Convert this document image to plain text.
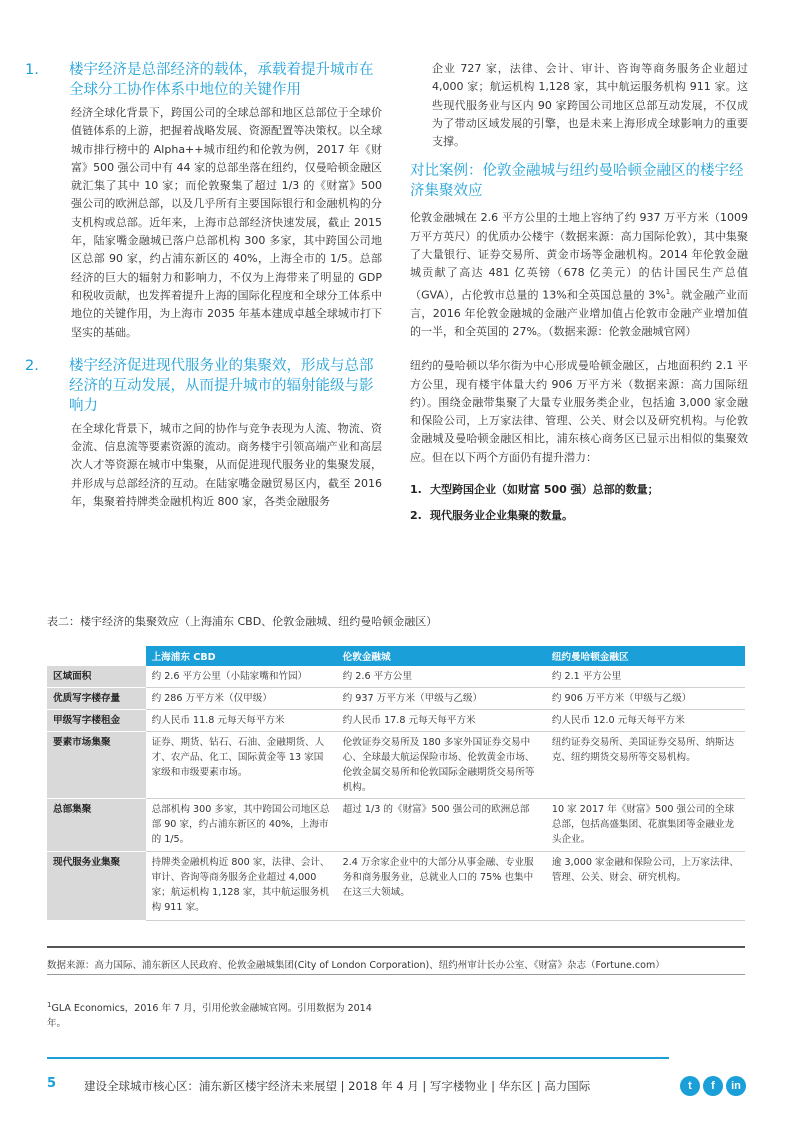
1. 楼宇经济是总部经济的载体，承载着提升城市在全球分工协作体系中地位的关键作用

经济全球化背景下，跨国公司的全球总部和地区总部位于全球价值链体系的上游，把握着战略发展、资源配置等决策权。以全球城市排行榜中的 Alpha++城市纽约和伦敦为例，2017 年《财富》500 强公司中有 44 家的总部坐落在纽约，仅曼哈顿金融区就汇集了其中 10 家；而伦敦聚集了超过 1/3 的《财富》500 强公司的欧洲总部，以及几乎所有主要国际银行和金融机构的分支机构或总部。近年来，上海市总部经济快速发展，截止 2015 年，陆家嘴金融城已落户总部机构 300 多家，其中跨国公司地区总部 90 家，约占浦东新区的 40%，上海全市的 1/5。总部经济的巨大的辐射力和影响力，不仅为上海带来了明显的 GDP 和税收贡献，也发挥着提升上海的国际化程度和全球分工体系中地位的关键作用，为上海市 2035 年基本建成卓越全球城市打下坚实的基础。

2. 楼宇经济促进现代服务业的集聚效，形成与总部经济的互动发展，从而提升城市的辐射能级与影响力

在全球化背景下，城市之间的协作与竞争表现为人流、物流、资金流、信息流等要素资源的流动。商务楼宇引领高端产业和高层次人才等资源在城市中集聚，从而促进现代服务业的集聚发展，并形成与总部经济的互动。在陆家嘴金融贸易区内，截至 2016 年，集聚着持牌类金融机构近 800 家，各类金融服务

企业 727 家，法律、会计、审计、咨询等商务服务企业超过 4,000 家；航运机构 1,128 家，其中航运服务机构 911 家。这些现代服务业与区内 90 家跨国公司地区总部互动发展，不仅成为了带动区域发展的引擎，也是未来上海形成全球影响力的重要支撑。

对比案例：伦敦金融城与纽约曼哈顿金融区的楼宇经济集聚效应

伦敦金融城在 2.6 平方公里的土地上容纳了约 937 万平方米（1009 万平方英尺）的优质办公楼宇（数据来源：高力国际伦敦），其中集聚了大量银行、证券交易所、黄金市场等金融机构。2014 年伦敦金融城贡献了高达 481 亿英镑（678 亿美元）的估计国民生产总值（GVA），占伦敦市总量的 13%和全英国总量的 3%$^1$。就金融产业而言，2016 年伦敦金融城的金融产业增加值占伦敦市金融产业增加值的一半，和全英国的 27%。（数据来源：伦敦金融城官网）

纽约的曼哈顿以华尔街为中心形成曼哈顿金融区，占地面积约 2.1 平方公里，现有楼宇体量大约 906 万平方米（数据来源：高力国际纽约）。围绕金融带集聚了大量专业服务类企业，包括逾 3,000 家金融和保险公司，上万家法律、管理、公关、财会以及研究机构。与伦敦金融城及曼哈顿金融区相比，浦东核心商务区已显示出相似的集聚效应。但在以下两个方面仍有提升潜力：

1. 大型跨国企业（如财富 500 强）总部的数量；
2. 现代服务业企业集聚的数量。
表二：楼宇经济的集聚效应（上海浦东 CBD、伦敦金融城、纽约曼哈顿金融区）
	上海浦东 CBD	伦敦金融城	纽约曼哈顿金融区
区域面积	约 2.6 平方公里（小陆家嘴和竹园）	约 2.6 平方公里	约 2.1 平方公里
优质写字楼存量	约 286 万平方米（仅甲级）	约 937 万平方米（甲级与乙级）	约 906 万平方米（甲级与乙级）
甲级写字楼租金	约人民币 11.8 元每天每平方米	约人民币 17.8 元每天每平方米	约人民币 12.0 元每天每平方米
要素市场集聚	证券、期货、钻石、石油、金融期货、人才、农产品、化工、国际黄金等 13 家国家级和市级要素市场。	伦敦证券交易所及 180 多家外国证券交易中心、全球最大航运保险市场、伦敦黄金市场、伦敦金属交易所和伦敦国际金融期货交易所等机构。	纽约证券交易所、美国证券交易所、纳斯达克、纽约期货交易所等交易机构。
总部集聚	总部机构 300 多家，其中跨国公司地区总部 90 家，约占浦东新区的 40%，上海市的 1/5。	超过 1/3 的《财富》500 强公司的欧洲总部	10 家 2017 年《财富》500 强公司的全球总部，包括高盛集团、花旗集团等金融业龙头企业。
现代服务业集聚	持牌类金融机构近 800 家，法律、会计、审计、咨询等商务服务企业超过 4,000 家；航运机构 1,128 家，其中航运服务机构 911 家。	2.4 万余家企业中的大部分从事金融、专业服务和商务服务业，总就业人口的 75% 也集中在这三大领域。	逾 3,000 家金融和保险公司，上万家法律、管理、公关、财会、研究机构。
数据来源：高力国际、浦东新区人民政府、伦敦金融城集团(City of London Corporation)、纽约州审计长办公室、《财富》杂志（Fortune.com）
$^1$GLA Economics，2016 年 7 月，引用伦敦金融城官网。引用数据为 2014 年。
5 建设全球城市核心区：浦东新区楼宇经济未来展望 | 2018 年 4 月 | 写字楼物业 | 华东区 | 高力国际	t	f	in
